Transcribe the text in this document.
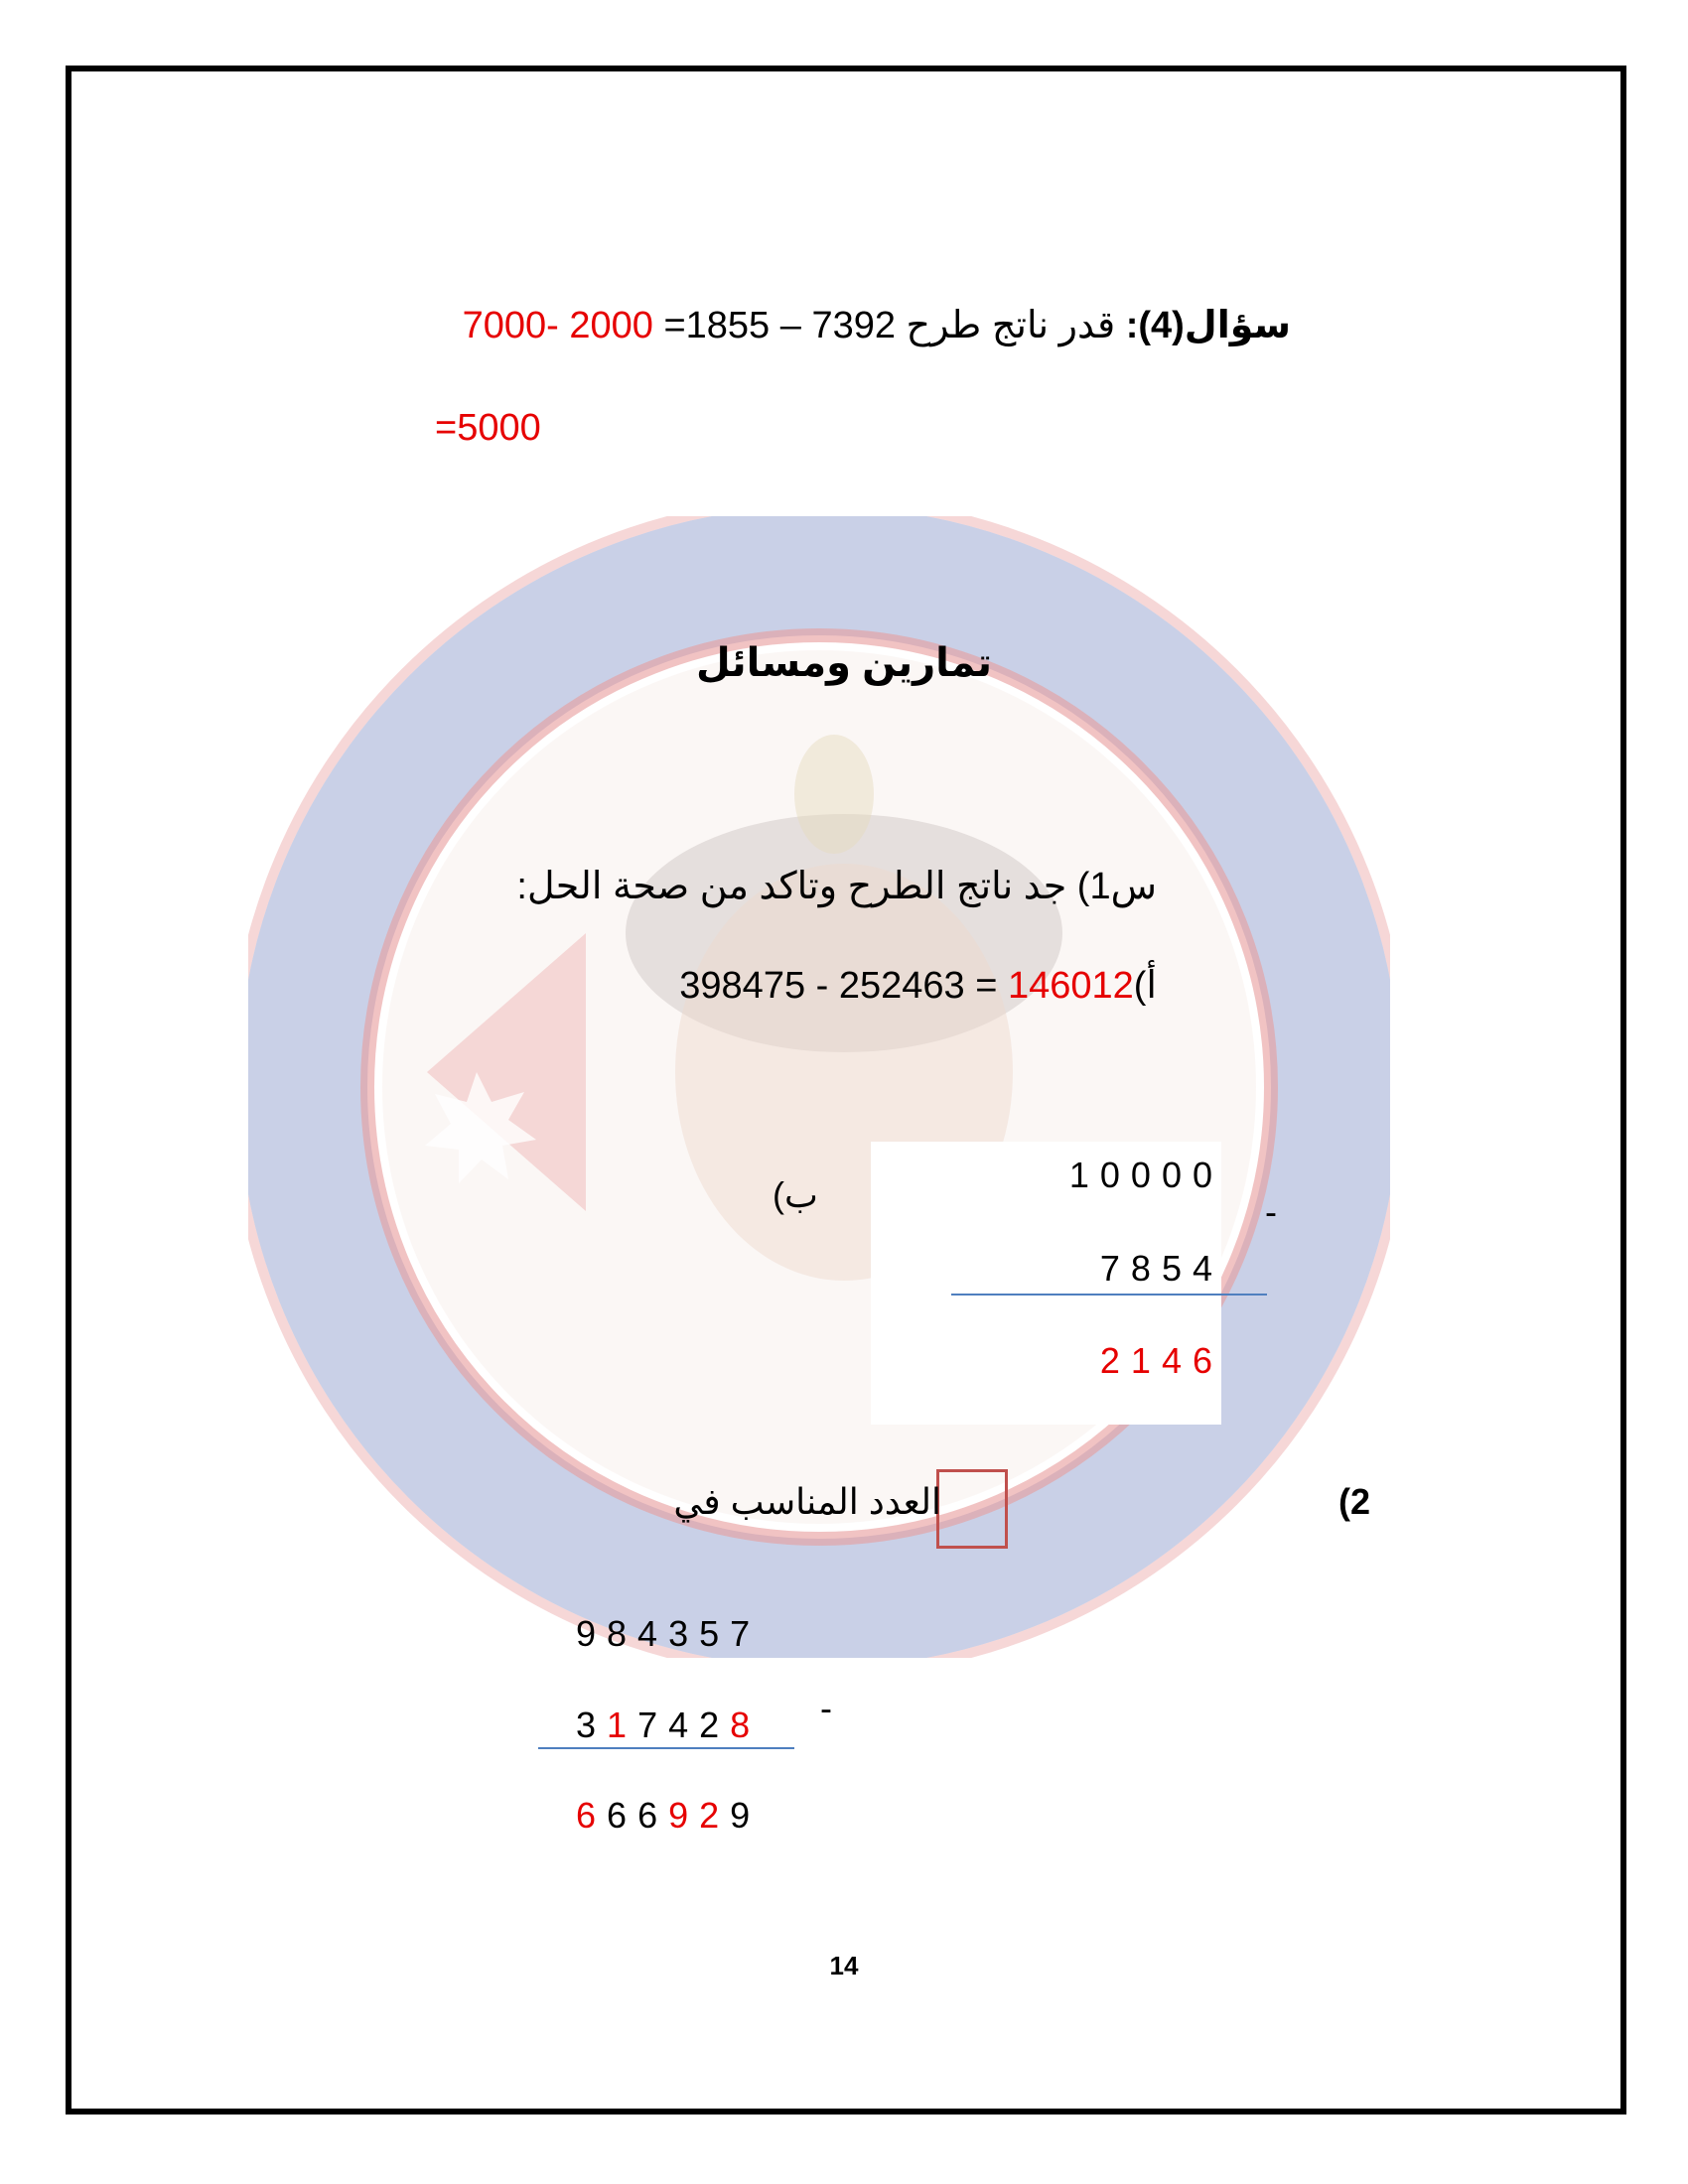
سؤال(4): قدر ناتج طرح 7392 – 1855= 7000- 2000
=5000
تمارين ومسائل
س1) جد ناتج الطرح وتاكد من صحة الحل:
أ)398475 - 252463 = 146012
ب)	10000
-
7854
2146
(2
العدد المناسب في
984357
-
317428
666929
14
